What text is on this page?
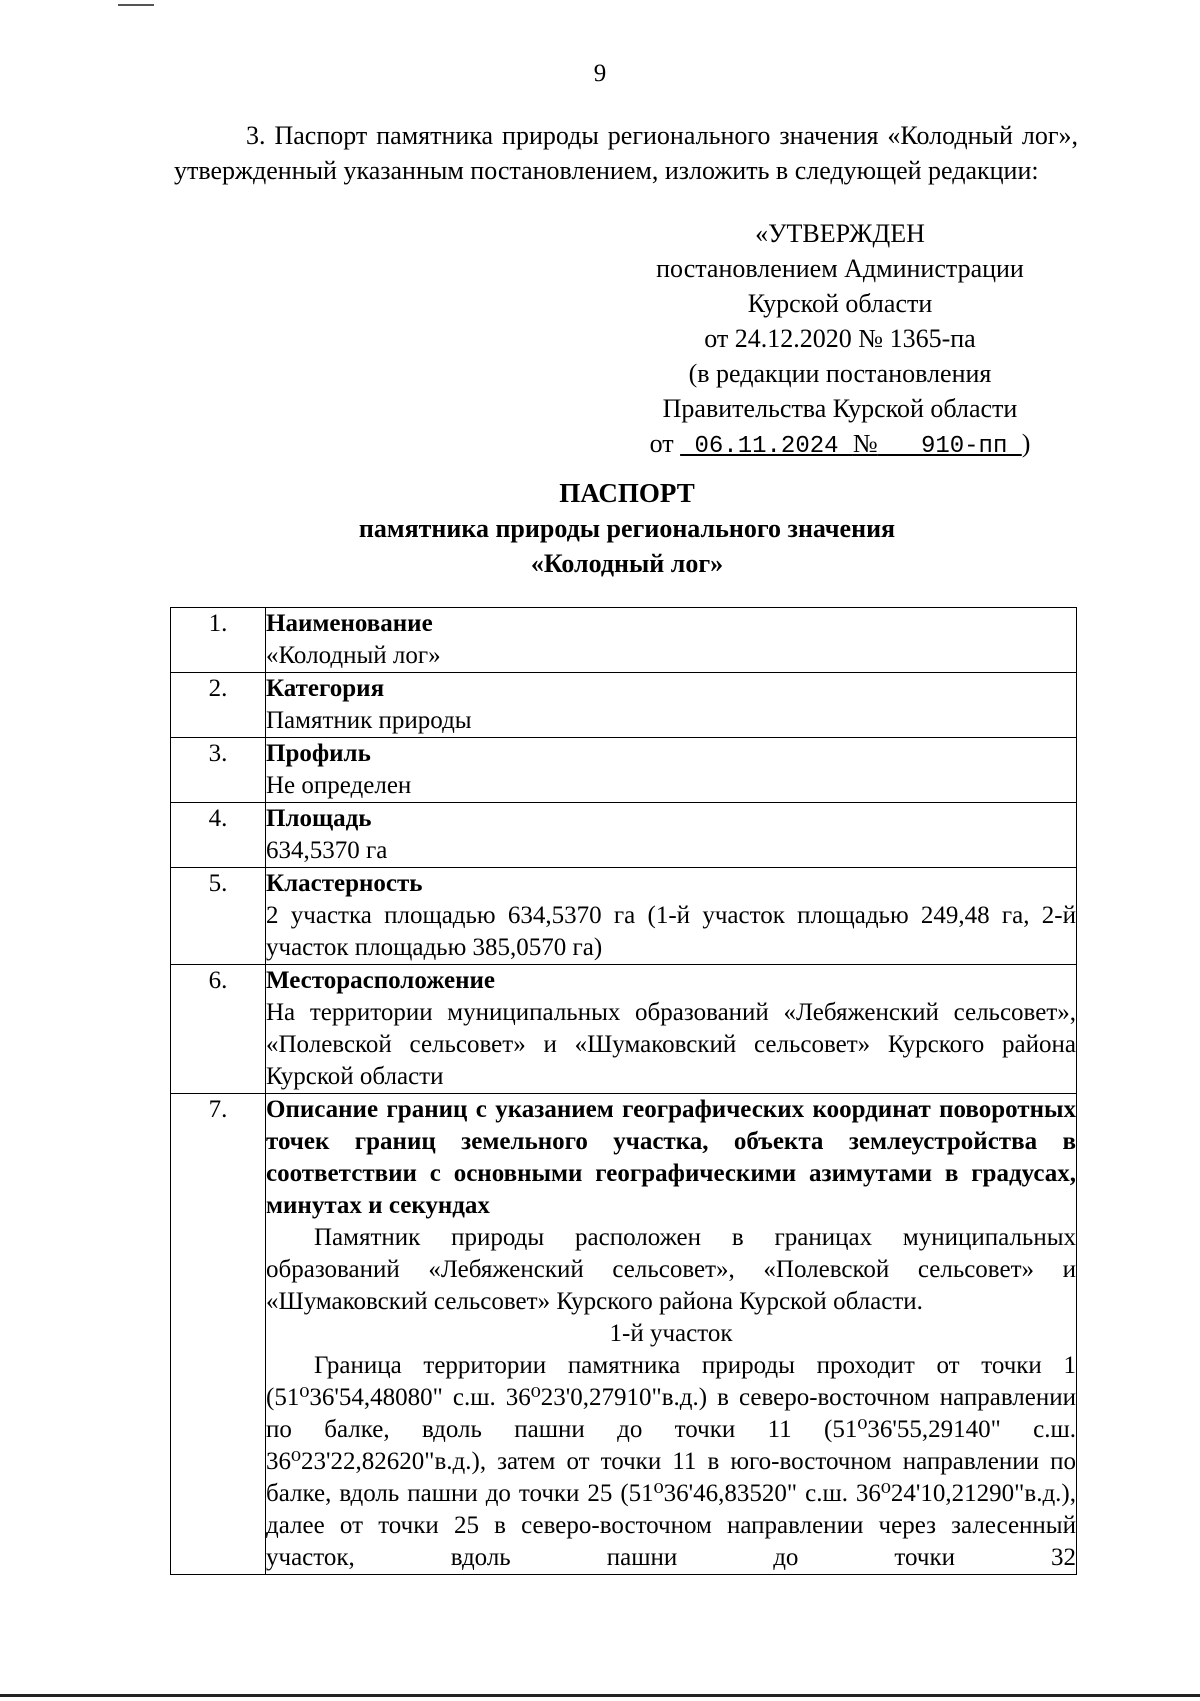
9

3. Паспорт памятника природы регионального значения «Колодный лог», утвержденный указанным постановлением, изложить в следующей редакции:

«УТВЕРЖДЕН
постановлением Администрации
Курской области
от 24.12.2020 № 1365-па
(в редакции постановления
Правительства Курской области
от  06.11.2024 №   910-пп )
ПАСПОРТ
памятника природы регионального значения
«Колодный лог»
1.	Наименование
«Колодный лог»

2.	Категория
Памятник природы

3.	Профиль
Не определен

4.	Площадь
634,5370 га

5.	Кластерность
2 участка площадью 634,5370 га (1-й участок площадью 249,48 га, 2-й участок площадью 385,0570 га)

6.	Месторасположение
На территории муниципальных образований «Лебяженский сельсовет», «Полевской сельсовет» и «Шумаковский сельсовет» Курского района Курской области

7.	Описание границ с указанием географических координат поворотных точек границ земельного участка, объекта землеустройства в соответствии с основными географическими азимутами в градусах, минутах и секундах
Памятник природы расположен в границах муниципальных образований «Лебяженский сельсовет», «Полевской сельсовет» и «Шумаковский сельсовет» Курского района Курской области.
1-й участок
Граница территории памятника природы проходит от точки 1 (51⁰36'54,48080" с.ш. 36⁰23'0,27910"в.д.) в северо-восточном направлении по балке, вдоль пашни до точки 11 (51⁰36'55,29140" с.ш. 36⁰23'22,82620"в.д.), затем от точки 11 в юго-восточном направлении по балке, вдоль пашни до точки 25 (51⁰36'46,83520" с.ш. 36⁰24'10,21290"в.д.), далее от точки 25 в северо-восточном направлении через залесенный участок, вдоль пашни до точки 32
